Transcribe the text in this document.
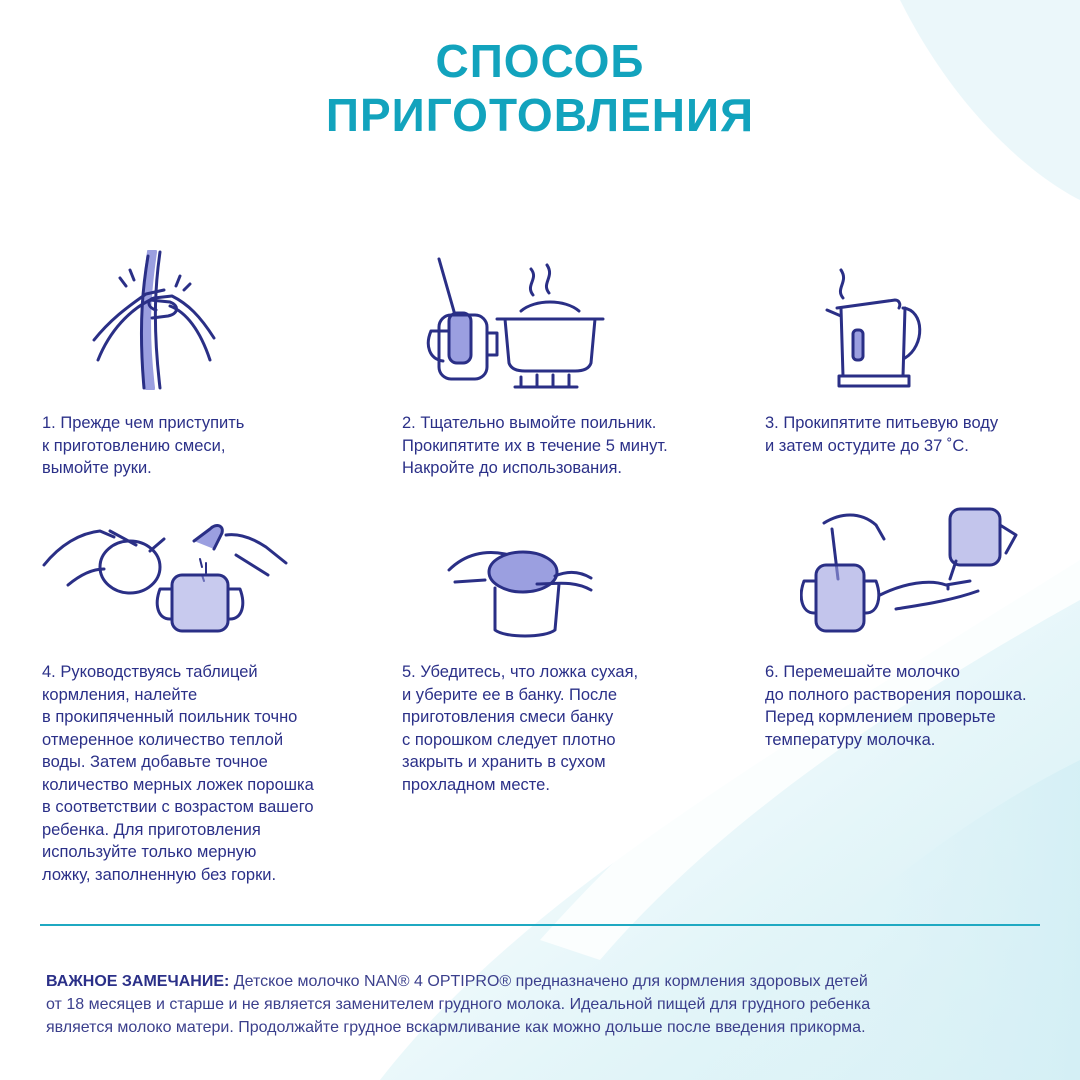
СПОСОБ
ПРИГОТОВЛЕНИЯ
1. Прежде чем приступить
к приготовлению смеси,
вымойте руки.
2. Тщательно вымойте поильник.
Прокипятите их в течение 5 минут.
Накройте до использования.
3. Прокипятите питьевую воду
и затем остудите до 37 ˚С.
4. Руководствуясь таблицей
кормления, налейте
в прокипяченный поильник точно
отмеренное количество теплой
воды. Затем добавьте точное
количество мерных ложек порошка
в соответствии с возрастом вашего
ребенка. Для приготовления
используйте только мерную
ложку, заполненную без горки.
5. Убедитесь, что ложка сухая,
и уберите ее в банку. После
приготовления смеси банку
с порошком следует плотно
закрыть и хранить в сухом
прохладном месте.
6. Перемешайте молочко
до полного растворения порошка.
Перед кормлением проверьте
температуру молочка.
ВАЖНОЕ ЗАМЕЧАНИЕ: Детское молочко NAN® 4 OPTIPRO® предназначено для кормления здоровых детей
от 18 месяцев и старше и не является заменителем грудного молока. Идеальной пищей для грудного ребенка
является молоко матери. Продолжайте грудное вскармливание как можно дольше после введения прикорма.
